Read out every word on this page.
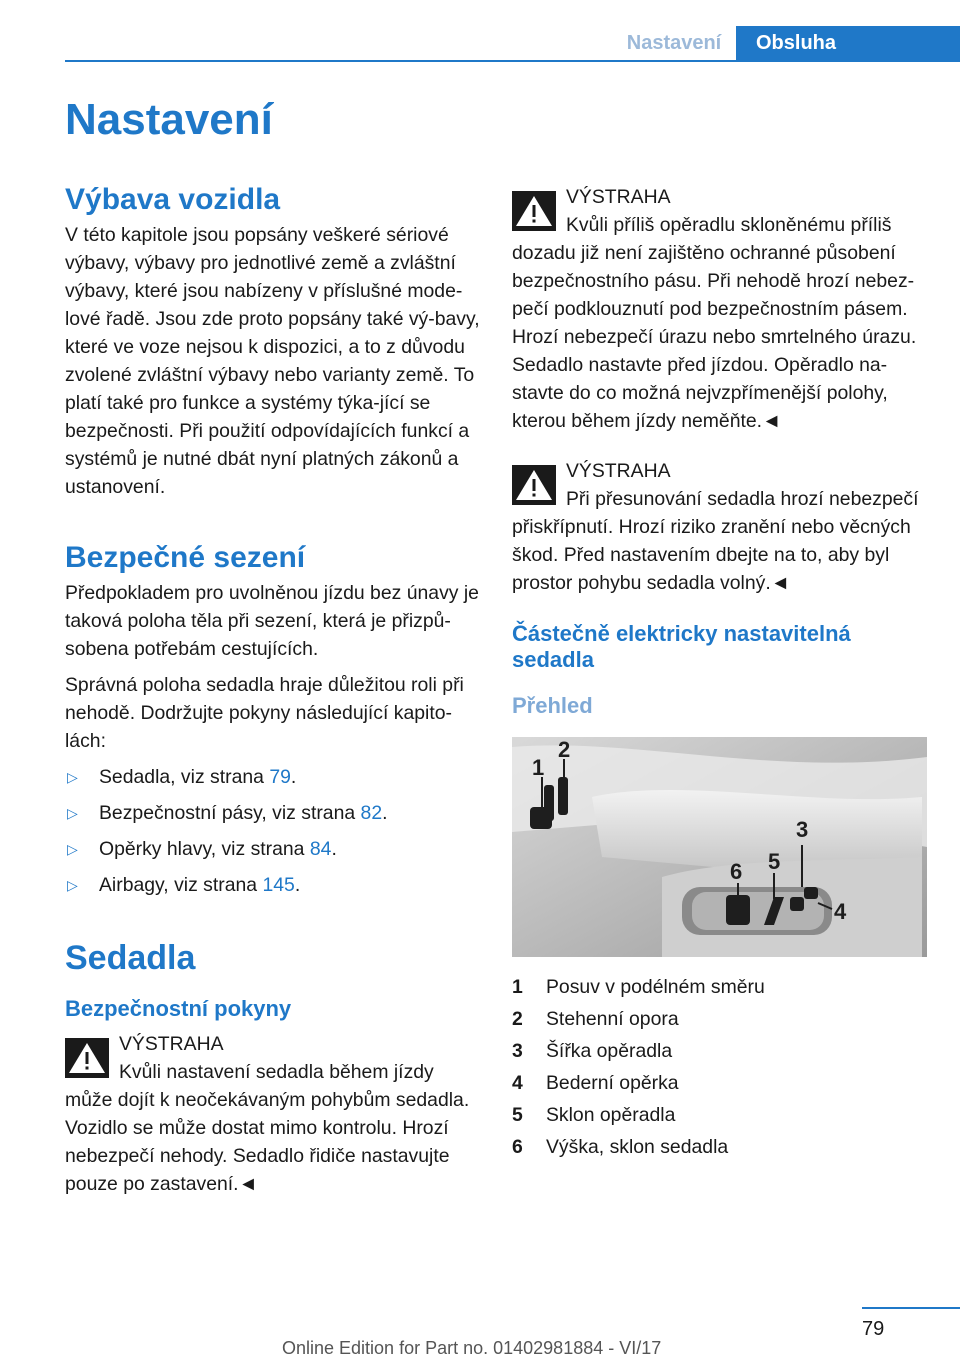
Nastavení	Obsluha
Nastavení
Výbava vozidla

V této kapitole jsou popsány veškeré sériové výbavy, výbavy pro jednotlivé země a zvláštní výbavy, které jsou nabízeny v příslušné mode-lové řadě. Jsou zde proto popsány také vý-bavy, které ve voze nejsou k dispozici, a to z důvodu zvolené zvláštní výbavy nebo varianty země. To platí také pro funkce a systémy týka-jící se bezpečnosti. Při použití odpovídajících funkcí a systémů je nutné dbát nyní platných zákonů a ustanovení.

Bezpečné sezení

Předpokladem pro uvolněnou jízdu bez únavy je taková poloha těla při sezení, která je přizpů-sobena potřebám cestujících.

Správná poloha sedadla hraje důležitou roli při nehodě. Dodržujte pokyny následující kapito-lách:

▷ Sedadla, viz strana 79.
▷ Bezpečnostní pásy, viz strana 82.
▷ Opěrky hlavy, viz strana 84.
▷ Airbagy, viz strana 145.
Sedadla
Bezpečnostní pokyny
VÝSTRAHA

Kvůli nastavení sedadla během jízdy může dojít k neočekávaným pohybům sedadla. Vozidlo se může dostat mimo kontrolu. Hrozí nebezpečí nehody. Sedadlo řidiče nastavujte pouze po zastavení.◄

VÝSTRAHA

Kvůli příliš opěradlu skloněnému příliš dozadu již není zajištěno ochranné působení bezpečnostního pásu. Při nehodě hrozí nebez-pečí podklouznutí pod bezpečnostním pásem. Hrozí nebezpečí úrazu nebo smrtelného úrazu. Sedadlo nastavte před jízdou. Opěradlo na-stavte do co možná nejvzpřímenější polohy, kterou během jízdy neměňte.◄

VÝSTRAHA

Při přesunování sedadla hrozí nebezpečí přiskřípnutí. Hrozí riziko zranění nebo věcných škod. Před nastavením dbejte na to, aby byl prostor pohybu sedadla volný.◄

Částečně elektricky nastavitelná sedadla
Přehled
1
2
3
4
5
6
1	Posuv v podélném směru
2	Stehenní opora
3	Šířka opěradla
4	Bederní opěrka
5	Sklon opěradla
6	Výška, sklon sedadla
79
Online Edition for Part no. 01402981884 - VI/17
